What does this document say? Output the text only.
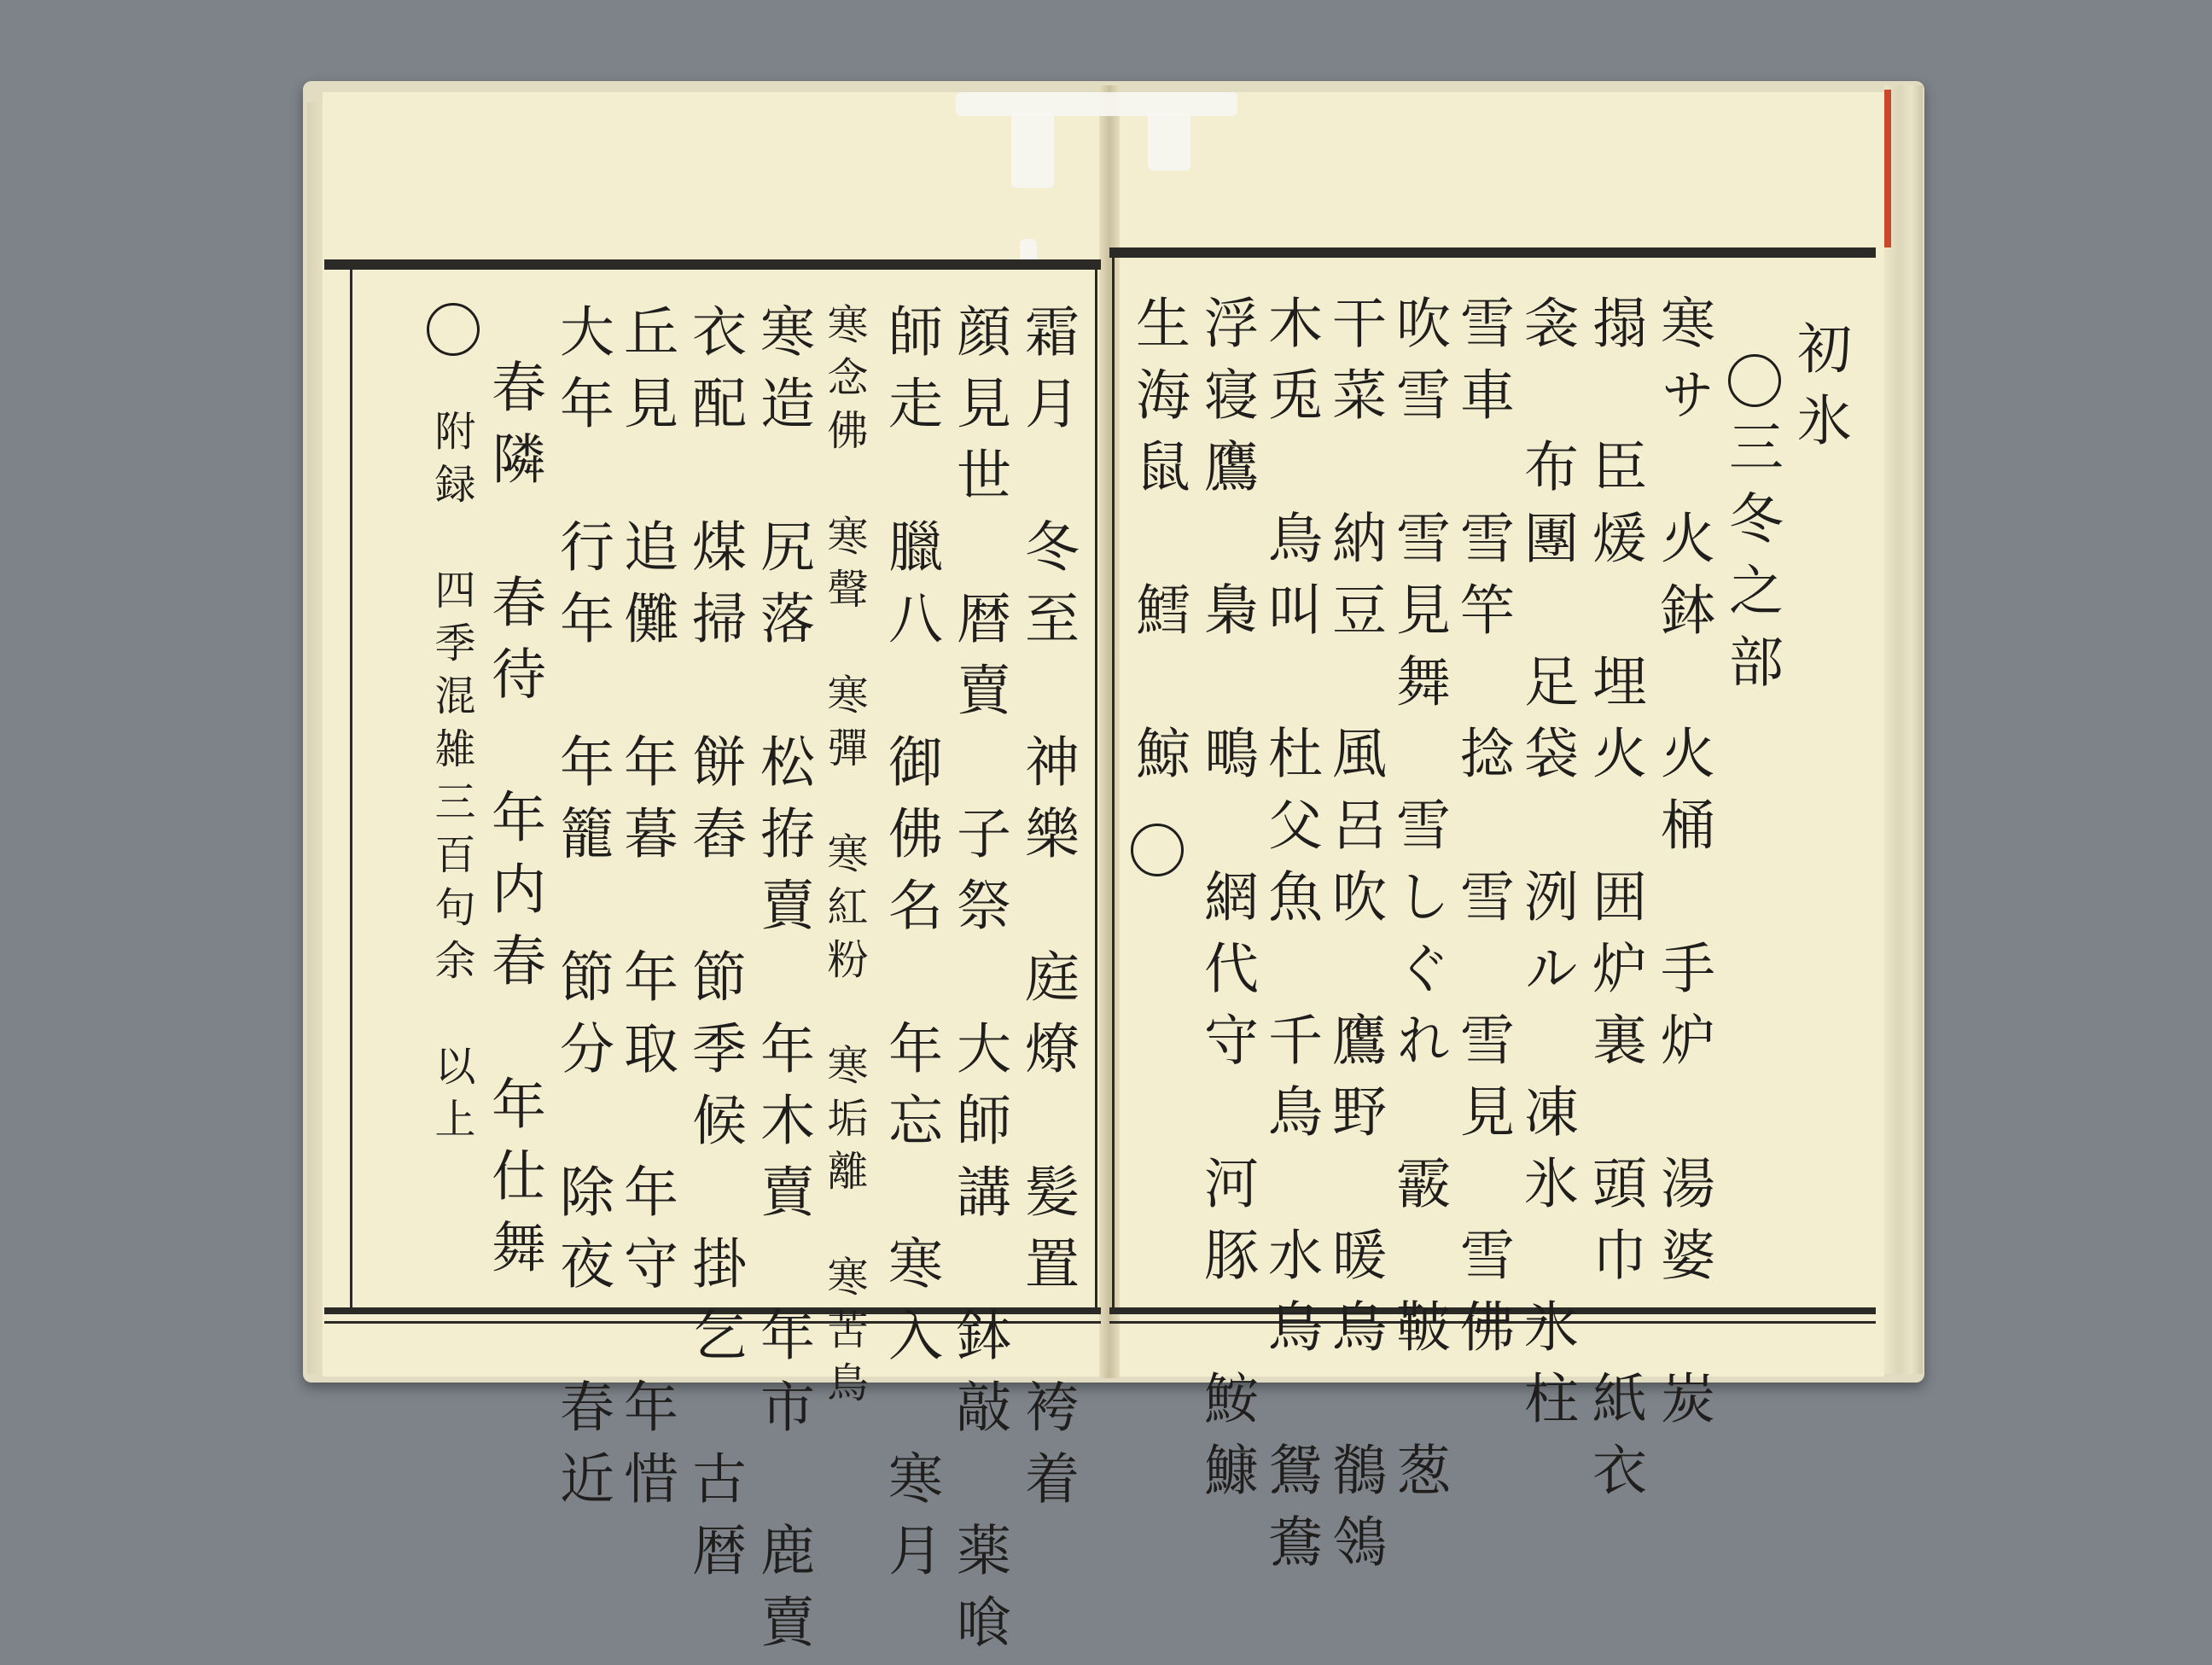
初氷
三冬之部
寒サ　火鉢　火桶　手炉　湯婆　炭
搨　臣煖　埋火　囲炉裏　頭巾　紙衣
衾　布團　足袋　洌ル　凍氷　氷柱
雪車　雪竿　捻　雪　雪見　雪佛
吹雪　雪見舞　雪しぐれ　霰　鞁　葱
干菜　納豆　風呂吹　鷹野　暖鳥　鶺鴒
木兎　鳥叫　杜父魚　千鳥　水鳥　鴛鴦
浮寝鷹　梟　鴫　網代守　河豚　鮟鱇
生海鼠　鱈　鯨
霜月　冬至　神樂　庭燎　髪置　袴着
顔見世　暦賣　子祭　大師講　鉢敲　薬喰
師走　臘八　御佛名　年忘　寒入　寒月
寒念佛　寒聲　寒彈　寒紅粉　寒垢離　寒苦鳥
寒造　尻落　松拵賣　年木賣　年市　鹿賣
衣配　煤掃　餅舂　節季候　掛乞　古暦
丘見　追儺　年暮　年取　年守　年惜
大年　行年　年籠　節分　除夜　春近
春隣　春待　年内春　年仕舞
附録　四季混雑三百句余　以上
